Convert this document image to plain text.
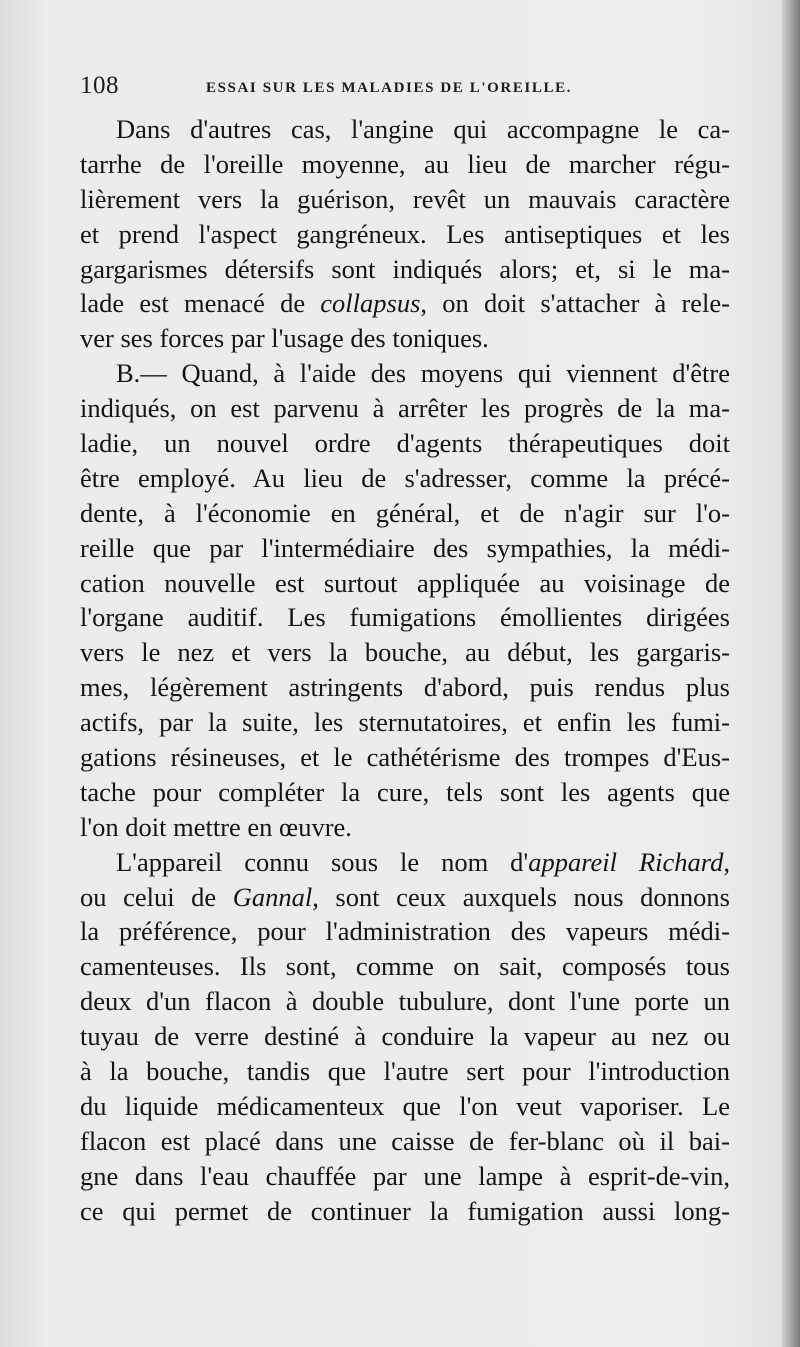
108	ESSAI SUR LES MALADIES DE L'OREILLE.
Dans d'autres cas, l'angine qui accompagne le ca-
tarrhe de l'oreille moyenne, au lieu de marcher régu-
lièrement vers la guérison, revêt un mauvais caractère
et prend l'aspect gangréneux. Les antiseptiques et les
gargarismes détersifs sont indiqués alors; et, si le ma-
lade est menacé de collapsus, on doit s'attacher à rele-
ver ses forces par l'usage des toniques.
B.— Quand, à l'aide des moyens qui viennent d'être
indiqués, on est parvenu à arrêter les progrès de la ma-
ladie, un nouvel ordre d'agents thérapeutiques doit
être employé. Au lieu de s'adresser, comme la précé-
dente, à l'économie en général, et de n'agir sur l'o-
reille que par l'intermédiaire des sympathies, la médi-
cation nouvelle est surtout appliquée au voisinage de
l'organe auditif. Les fumigations émollientes dirigées
vers le nez et vers la bouche, au début, les gargaris-
mes, légèrement astringents d'abord, puis rendus plus
actifs, par la suite, les sternutatoires, et enfin les fumi-
gations résineuses, et le cathétérisme des trompes d'Eus-
tache pour compléter la cure, tels sont les agents que
l'on doit mettre en œuvre.
L'appareil connu sous le nom d'appareil Richard,
ou celui de Gannal, sont ceux auxquels nous donnons
la préférence, pour l'administration des vapeurs médi-
camenteuses. Ils sont, comme on sait, composés tous
deux d'un flacon à double tubulure, dont l'une porte un
tuyau de verre destiné à conduire la vapeur au nez ou
à la bouche, tandis que l'autre sert pour l'introduction
du liquide médicamenteux que l'on veut vaporiser. Le
flacon est placé dans une caisse de fer-blanc où il bai-
gne dans l'eau chauffée par une lampe à esprit-de-vin,
ce qui permet de continuer la fumigation aussi long-
